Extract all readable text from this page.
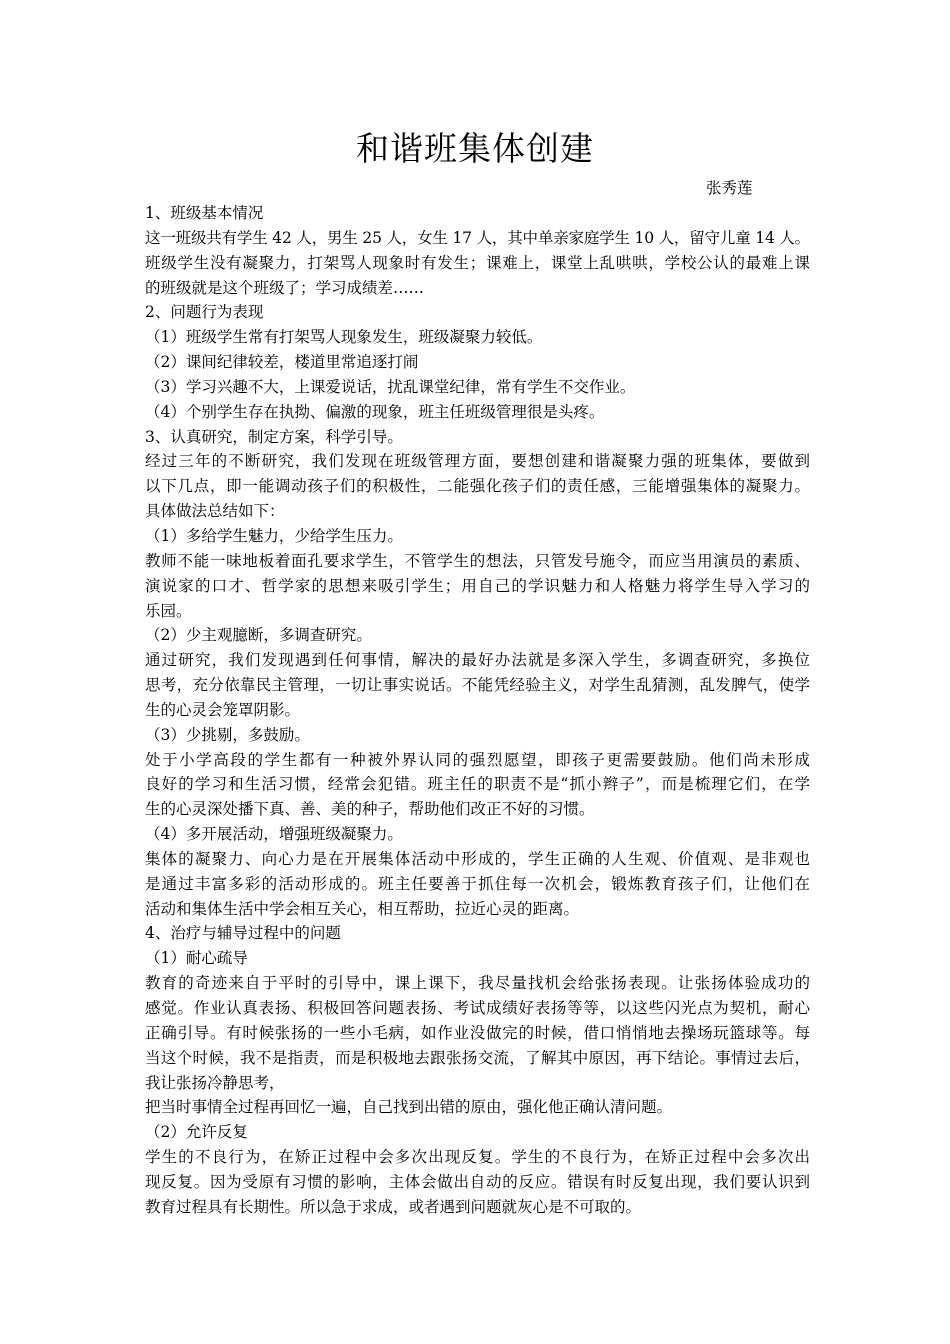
和谐班集体创建
张秀莲
1、班级基本情况
这一班级共有学生 42 人，男生 25 人，女生 17 人，其中单亲家庭学生 10 人，留守儿童 14 人。
班级学生没有凝聚力，打架骂人现象时有发生；课难上，课堂上乱哄哄，学校公认的最难上课
的班级就是这个班级了；学习成绩差……
2、问题行为表现
（1）班级学生常有打架骂人现象发生，班级凝聚力较低。
（2）课间纪律较差，楼道里常追逐打闹
（3）学习兴趣不大，上课爱说话，扰乱课堂纪律，常有学生不交作业。
（4）个别学生存在执拗、偏激的现象，班主任班级管理很是头疼。
3、认真研究，制定方案，科学引导。
经过三年的不断研究，我们发现在班级管理方面，要想创建和谐凝聚力强的班集体，要做到
以下几点，即一能调动孩子们的积极性，二能强化孩子们的责任感，三能增强集体的凝聚力。
具体做法总结如下：
（1）多给学生魅力，少给学生压力。
教师不能一味地板着面孔要求学生，不管学生的想法，只管发号施令，而应当用演员的素质、
演说家的口才、哲学家的思想来吸引学生；用自己的学识魅力和人格魅力将学生导入学习的
乐园。
（2）少主观臆断，多调查研究。
通过研究，我们发现遇到任何事情，解决的最好办法就是多深入学生，多调查研究，多换位
思考，充分依靠民主管理，一切让事实说话。不能凭经验主义，对学生乱猜测，乱发脾气，使学
生的心灵会笼罩阴影。
（3）少挑剔，多鼓励。
处于小学高段的学生都有一种被外界认同的强烈愿望，即孩子更需要鼓励。他们尚未形成
良好的学习和生活习惯，经常会犯错。班主任的职责不是“抓小辫子”，而是梳理它们，在学
生的心灵深处播下真、善、美的种子，帮助他们改正不好的习惯。
（4）多开展活动，增强班级凝聚力。
集体的凝聚力、向心力是在开展集体活动中形成的，学生正确的人生观、价值观、是非观也
是通过丰富多彩的活动形成的。班主任要善于抓住每一次机会，锻炼教育孩子们，让他们在
活动和集体生活中学会相互关心，相互帮助，拉近心灵的距离。
4、治疗与辅导过程中的问题
（1）耐心疏导
教育的奇迹来自于平时的引导中，课上课下，我尽量找机会给张扬表现。让张扬体验成功的
感觉。作业认真表扬、积极回答问题表扬、考试成绩好表扬等等，以这些闪光点为契机，耐心
正确引导。有时候张扬的一些小毛病，如作业没做完的时候，借口悄悄地去操场玩篮球等。每
当这个时候，我不是指责，而是积极地去跟张扬交流，了解其中原因，再下结论。事情过去后，
我让张扬冷静思考，
把当时事情全过程再回忆一遍，自己找到出错的原由，强化他正确认清问题。
（2）允许反复
学生的不良行为，在矫正过程中会多次出现反复。学生的不良行为，在矫正过程中会多次出
现反复。因为受原有习惯的影响，主体会做出自动的反应。错误有时反复出现，我们要认识到
教育过程具有长期性。所以急于求成，或者遇到问题就灰心是不可取的。
